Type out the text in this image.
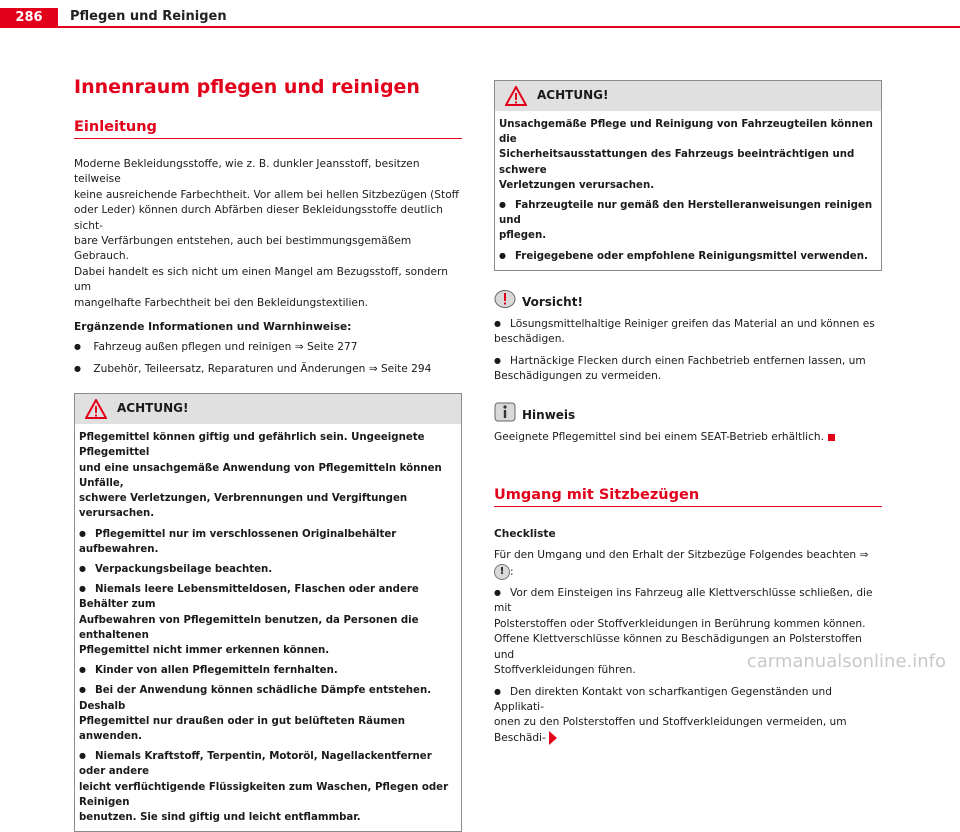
286	Pflegen und Reinigen
Innenraum pflegen und reinigen
Einleitung

Moderne Bekleidungsstoffe, wie z. B. dunkler Jeansstoff, besitzen teilweise

keine ausreichende Farbechtheit. Vor allem bei hellen Sitzbezügen (Stoff

oder Leder) können durch Abfärben dieser Bekleidungsstoffe deutlich sicht-

bare Verfärbungen entstehen, auch bei bestimmungsgemäßem Gebrauch.

Dabei handelt es sich nicht um einen Mangel am Bezugsstoff, sondern um

mangelhafte Farbechtheit bei den Bekleidungstextilien.

Ergänzende Informationen und Warnhinweise:

● Fahrzeug außen pflegen und reinigen ⇒ Seite 277

● Zubehör, Teileersatz, Reparaturen und Änderungen ⇒ Seite 294

ACHTUNG!

Pflegemittel können giftig und gefährlich sein. Ungeeignete Pflegemittel

und eine unsachgemäße Anwendung von Pflegemitteln können Unfälle,

schwere Verletzungen, Verbrennungen und Vergiftungen verursachen.

● Pflegemittel nur im verschlossenen Originalbehälter aufbewahren.

● Verpackungsbeilage beachten.

● Niemals leere Lebensmitteldosen, Flaschen oder andere Behälter zum

Aufbewahren von Pflegemitteln benutzen, da Personen die enthaltenen

Pflegemittel nicht immer erkennen können.

● Kinder von allen Pflegemitteln fernhalten.

● Bei der Anwendung können schädliche Dämpfe entstehen. Deshalb

Pflegemittel nur draußen oder in gut belüfteten Räumen anwenden.

● Niemals Kraftstoff, Terpentin, Motoröl, Nagellackentferner oder andere

leicht verflüchtigende Flüssigkeiten zum Waschen, Pflegen oder Reinigen

benutzen. Sie sind giftig und leicht entflammbar.

ACHTUNG!

Unsachgemäße Pflege und Reinigung von Fahrzeugteilen können die

Sicherheitsausstattungen des Fahrzeugs beeinträchtigen und schwere

Verletzungen verursachen.

● Fahrzeugteile nur gemäß den Herstelleranweisungen reinigen und

pflegen.

● Freigegebene oder empfohlene Reinigungsmittel verwenden.

Vorsicht!

● Lösungsmittelhaltige Reiniger greifen das Material an und können es

beschädigen.

● Hartnäckige Flecken durch einen Fachbetrieb entfernen lassen, um

Beschädigungen zu vermeiden.

Hinweis

Geeignete Pflegemittel sind bei einem SEAT-Betrieb erhältlich.

Umgang mit Sitzbezügen

Checkliste

Für den Umgang und den Erhalt der Sitzbezüge Folgendes beachten ⇒ ! :

● Vor dem Einsteigen ins Fahrzeug alle Klettverschlüsse schließen, die mit

Polsterstoffen oder Stoffverkleidungen in Berührung kommen können.

Offene Klettverschlüsse können zu Beschädigungen an Polsterstoffen und

Stoffverkleidungen führen.

● Den direkten Kontakt von scharfkantigen Gegenständen und Applikati-

onen zu den Polsterstoffen und Stoffverkleidungen vermeiden, um Beschädi-

carmanualsonline.info
